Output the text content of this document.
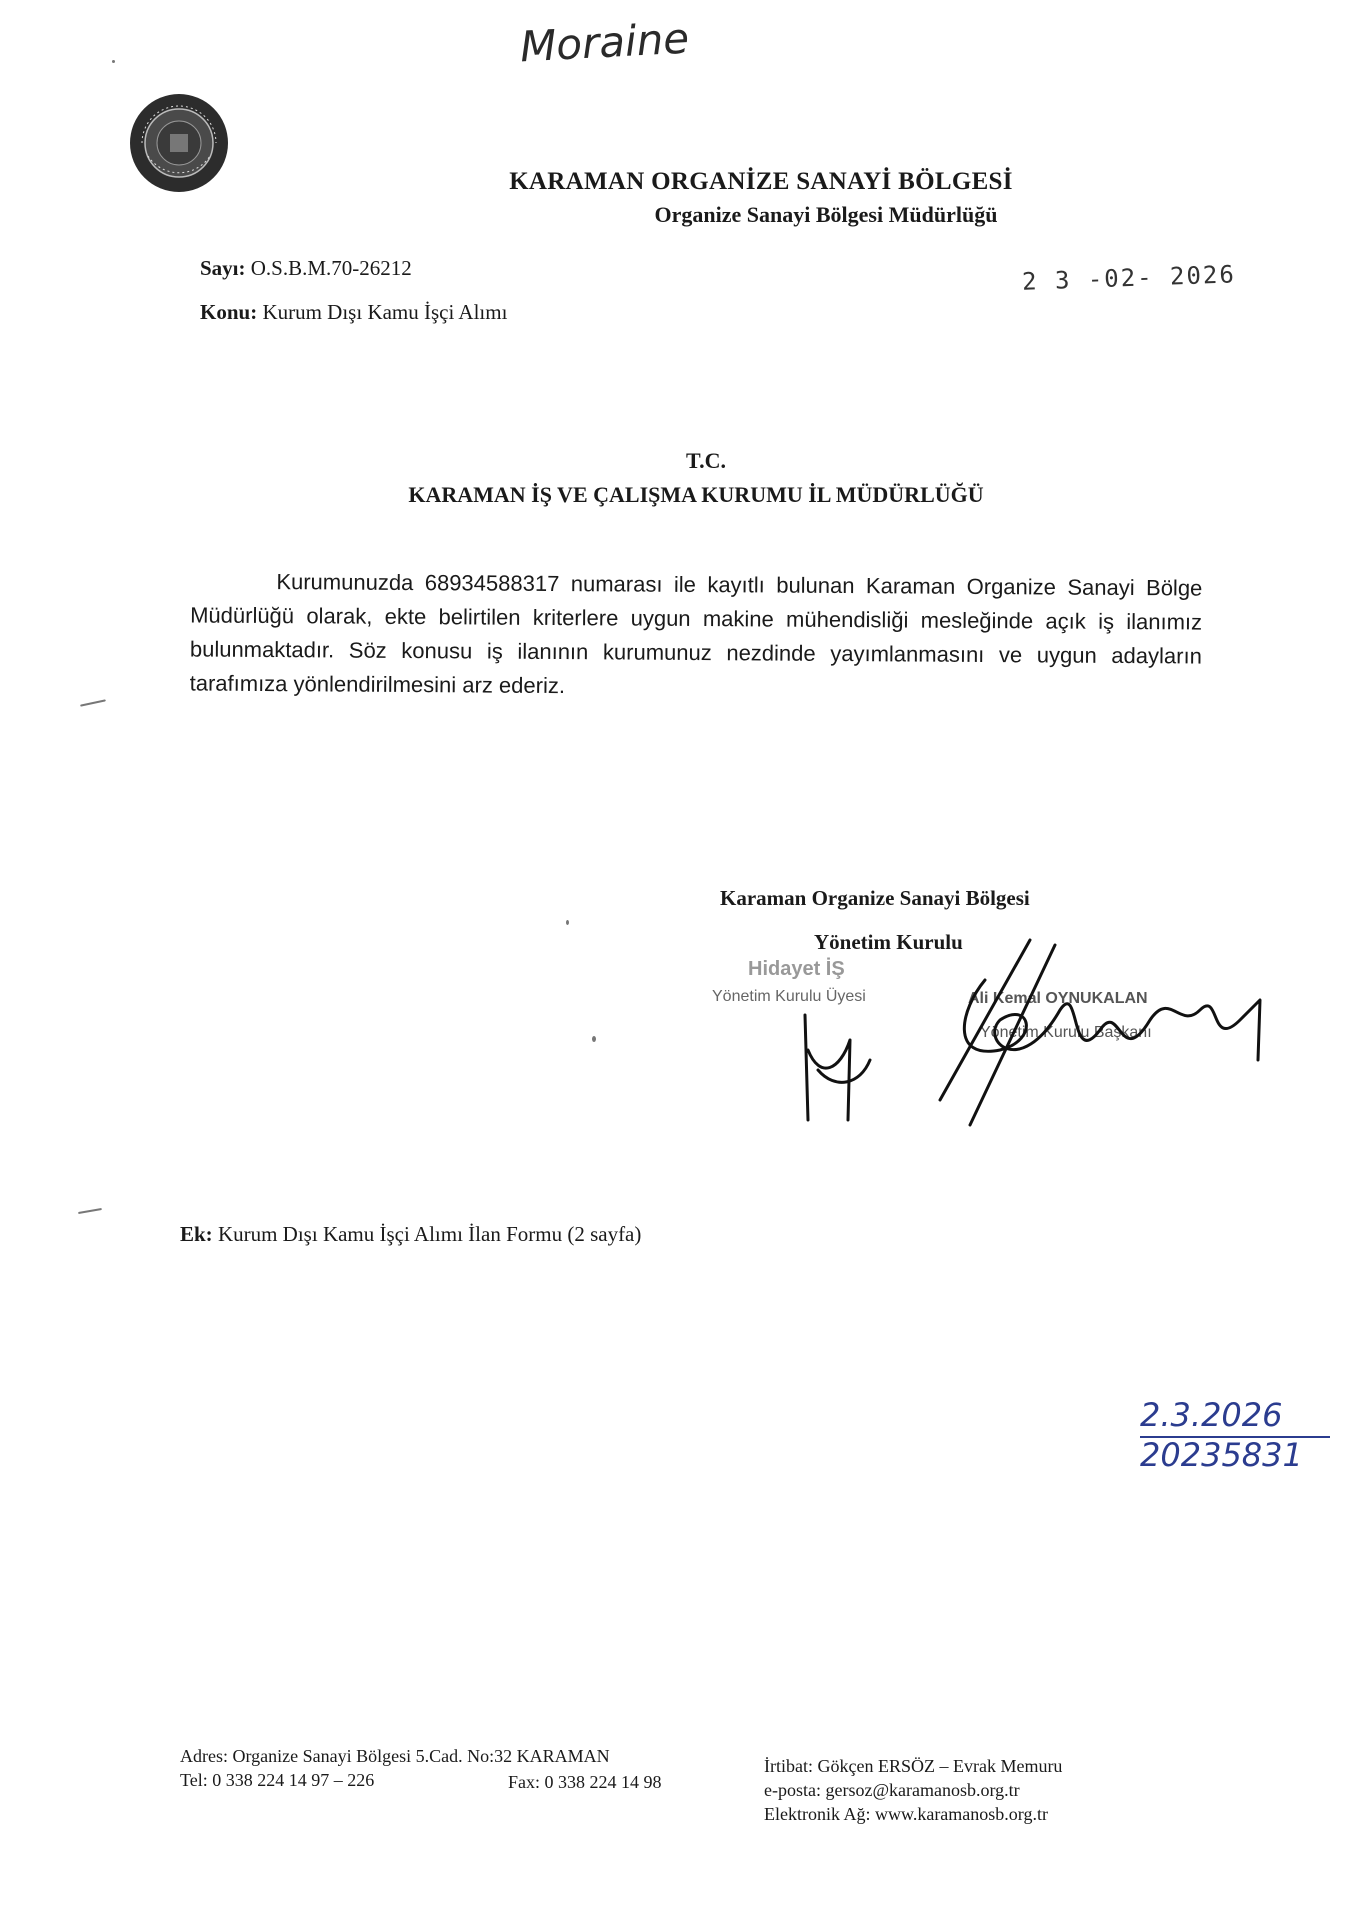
Moraine
KARAMAN ORGANİZE SANAYİ BÖLGESİ
Organize Sanayi Bölgesi Müdürlüğü
Sayı: O.S.B.M.70-26212	2 3 -02- 2026
Konu: Kurum Dışı Kamu İşçi Alımı
T.C.
KARAMAN İŞ VE ÇALIŞMA KURUMU İL MÜDÜRLÜĞÜ
Kurumunuzda 68934588317 numarası ile kayıtlı bulunan Karaman Organize Sanayi Bölge Müdürlüğü olarak, ekte belirtilen kriterlere uygun makine mühendisliği mesleğinde açık iş ilanımız bulunmaktadır. Söz konusu iş ilanının kurumunuz nezdinde yayımlanmasını ve uygun adayların tarafımıza yönlendirilmesini arz ederiz.
Karaman Organize Sanayi Bölgesi
Yönetim Kurulu
Hidayet İŞ
Yönetim Kurulu Üyesi	Ali Kemal OYNUKALAN
Yönetim Kurulu Başkanı
Ek: Kurum Dışı Kamu İşçi Alımı İlan Formu (2 sayfa)
2.3.2026
20235831
Adres: Organize Sanayi Bölgesi 5.Cad. No:32 KARAMAN
Tel: 0 338 224 14 97 – 226	Fax: 0 338 224 14 98
İrtibat: Gökçen ERSÖZ – Evrak Memuru
e-posta: gersoz@karamanosb.org.tr
Elektronik Ağ: www.karamanosb.org.tr
